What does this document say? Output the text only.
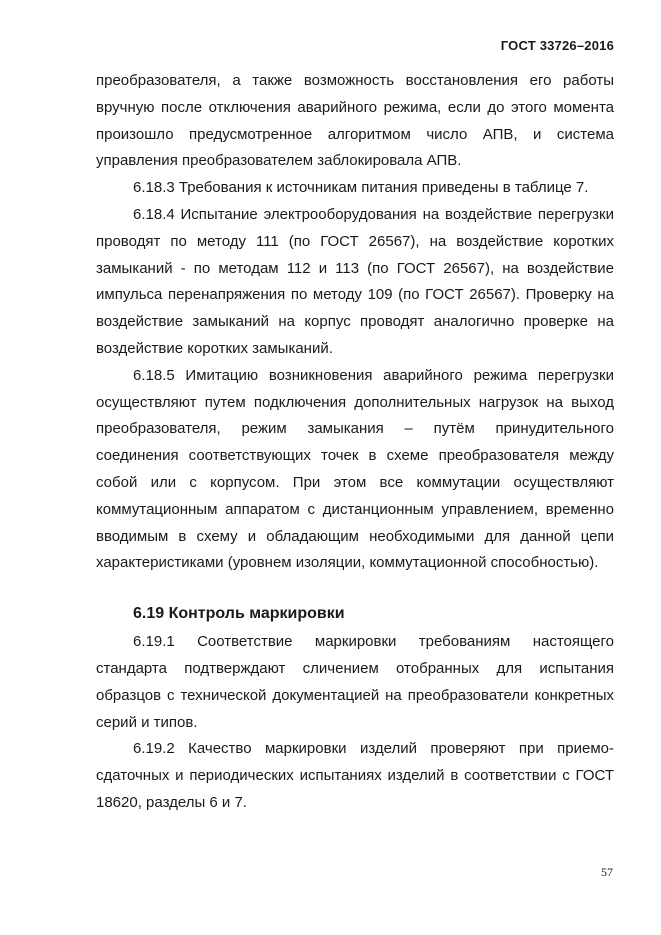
ГОСТ 33726–2016

преобразователя, а также возможность восстановления его работы вручную после отключения аварийного режима, если до этого момента произошло предусмотренное алгоритмом число АПВ, и система управления преобразователем заблокировала АПВ.

6.18.3 Требования к источникам питания приведены в таблице 7.

6.18.4 Испытание электрооборудования на воздействие перегрузки проводят по методу 111 (по ГОСТ 26567), на воздействие коротких замыканий - по методам 112 и 113 (по ГОСТ 26567), на воздействие импульса перенапряжения по методу 109 (по ГОСТ 26567). Проверку на воздействие замыканий на корпус проводят аналогично проверке на воздействие коротких замыканий.

6.18.5 Имитацию возникновения аварийного режима перегрузки осуществляют путем подключения дополнительных нагрузок на выход преобразователя, режим замыкания – путём принудительного соединения соответствующих точек в схеме преобразователя между собой или с корпусом. При этом все коммутации осуществляют коммутационным аппаратом с дистанционным управлением, временно вводимым в схему и обладающим необходимыми для данной цепи характеристиками (уровнем изоляции, коммутационной способностью).

6.19 Контроль маркировки

6.19.1 Соответствие маркировки требованиям настоящего стандарта подтверждают сличением отобранных для испытания образцов с технической документацией на преобразователи конкретных серий и типов.

6.19.2 Качество маркировки изделий проверяют при приемо-сдаточных и периодических испытаниях изделий в соответствии с ГОСТ 18620, разделы 6 и 7.

57
